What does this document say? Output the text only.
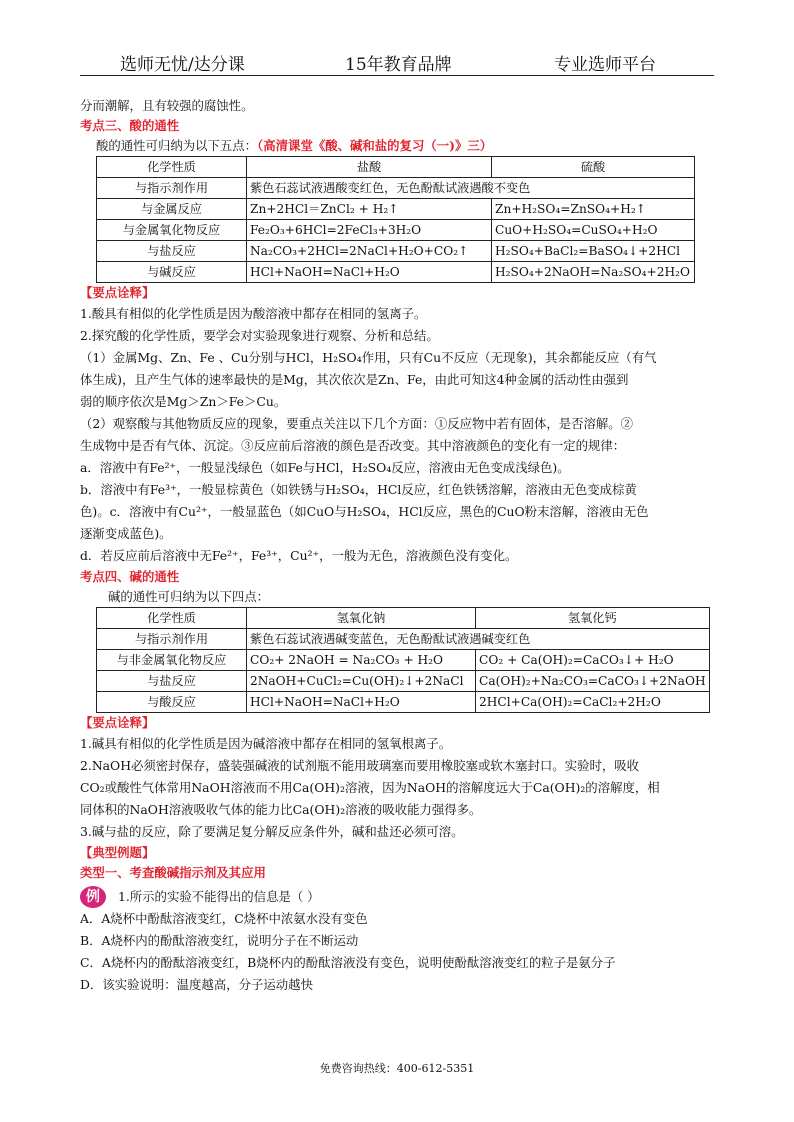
选师无忧/达分课	15年教育品牌	专业选师平台
分而潮解，且有较强的腐蚀性。
考点三、酸的通性
酸的通性可归纳为以下五点：（高清课堂《酸、碱和盐的复习（一)》三）
化学性质	盐酸	硫酸
与指示剂作用	紫色石蕊试液遇酸变红色，无色酚酞试液遇酸不变色	
与金属反应	Zn+2HCl＝ZnCl₂ + H₂↑	Zn+H₂SO₄=ZnSO₄+H₂↑
与金属氧化物反应	Fe₂O₃+6HCl=2FeCl₃+3H₂O	CuO+H₂SO₄=CuSO₄+H₂O
与盐反应	Na₂CO₃+2HCl=2NaCl+H₂O+CO₂↑	H₂SO₄+BaCl₂=BaSO₄↓+2HCl
与碱反应	HCl+NaOH=NaCl+H₂O	H₂SO₄+2NaOH=Na₂SO₄+2H₂O
【要点诠释】
1.酸具有相似的化学性质是因为酸溶液中都存在相同的氢离子。
2.探究酸的化学性质，要学会对实验现象进行观察、分析和总结。
（1）金属Mg、Zn、Fe 、Cu分别与HCl，H₂SO₄作用，只有Cu不反应（无现象)，其余都能反应（有气
体生成)，且产生气体的速率最快的是Mg，其次依次是Zn、Fe，由此可知这4种金属的活动性由强到
弱的顺序依次是Mg＞Zn＞Fe＞Cu。
（2）观察酸与其他物质反应的现象，要重点关注以下几个方面：①反应物中若有固体，是否溶解。②
生成物中是否有气体、沉淀。③反应前后溶液的颜色是否改变。其中溶液颜色的变化有一定的规律：
a．溶液中有Fe²⁺，一般显浅绿色（如Fe与HCl，H₂SO₄反应，溶液由无色变成浅绿色)。
b．溶液中有Fe³⁺，一般显棕黄色（如铁锈与H₂SO₄，HCl反应，红色铁锈溶解，溶液由无色变成棕黄
色)。c．溶液中有Cu²⁺，一般显蓝色（如CuO与H₂SO₄，HCl反应，黑色的CuO粉末溶解，溶液由无色
逐渐变成蓝色)。
d．若反应前后溶液中无Fe²⁺，Fe³⁺，Cu²⁺，一般为无色，溶液颜色没有变化。
考点四、碱的通性
碱的通性可归纳为以下四点：
化学性质	氢氧化钠	氢氧化钙
与指示剂作用	紫色石蕊试液遇碱变蓝色，无色酚酞试液遇碱变红色	
与非金属氧化物反应	CO₂+ 2NaOH = Na₂CO₃ + H₂O	CO₂ + Ca(OH)₂=CaCO₃↓+ H₂O
与盐反应	2NaOH+CuCl₂=Cu(OH)₂↓+2NaCl	Ca(OH)₂+Na₂CO₃=CaCO₃↓+2NaOH
与酸反应	HCl+NaOH=NaCl+H₂O	2HCl+Ca(OH)₂=CaCl₂+2H₂O
【要点诠释】
1.碱具有相似的化学性质是因为碱溶液中都存在相同的氢氧根离子。
2.NaOH必须密封保存，盛装强碱液的试剂瓶不能用玻璃塞而要用橡胶塞或软木塞封口。实验时，吸收
CO₂或酸性气体常用NaOH溶液而不用Ca(OH)₂溶液，因为NaOH的溶解度远大于Ca(OH)₂的溶解度，相
同体积的NaOH溶液吸收气体的能力比Ca(OH)₂溶液的吸收能力强得多。
3.碱与盐的反应，除了要满足复分解反应条件外，碱和盐还必须可溶。
【典型例题】
类型一、考查酸碱指示剂及其应用
例 1.所示的实验不能得出的信息是（ ）
A．A烧杯中酚酞溶液变红，C烧杯中浓氨水没有变色
B．A烧杯内的酚酞溶液变红，说明分子在不断运动
C．A烧杯内的酚酞溶液变红，B烧杯内的酚酞溶液没有变色，说明使酚酞溶液变红的粒子是氨分子
D．该实验说明：温度越高，分子运动越快
免费咨询热线：400-612-5351
